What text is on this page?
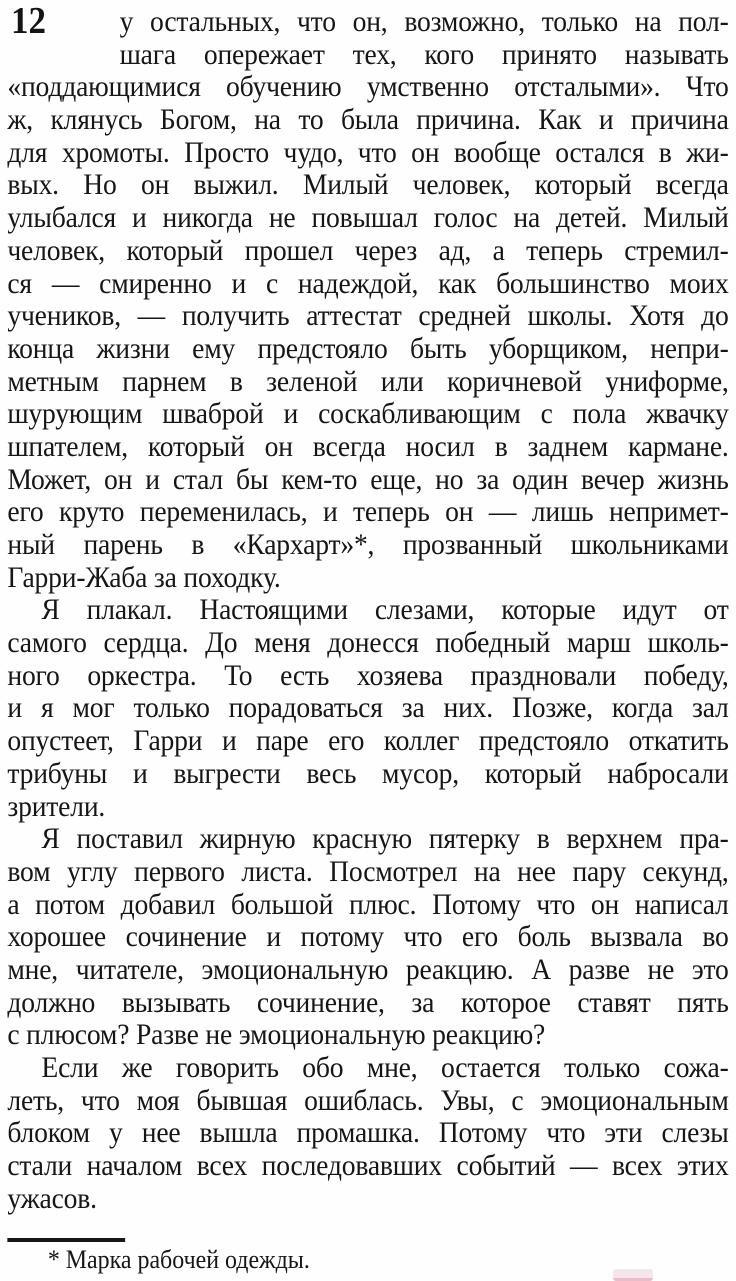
12 у остальных, что он, возможно, только на пол-
шага опережает тех, кого принято называть
«поддающимися обучению умственно отсталыми». Что
ж, клянусь Богом, на то была причина. Как и причина
для хромоты. Просто чудо, что он вообще остался в жи-
вых. Но он выжил. Милый человек, который всегда
улыбался и никогда не повышал голос на детей. Милый
человек, который прошел через ад, а теперь стремил-
ся — смиренно и с надеждой, как большинство моих
учеников, — получить аттестат средней школы. Хотя до
конца жизни ему предстояло быть уборщиком, непри-
метным парнем в зеленой или коричневой униформе,
шурующим шваброй и соскабливающим с пола жвачку
шпателем, который он всегда носил в заднем кармане.
Может, он и стал бы кем-то еще, но за один вечер жизнь
его круто переменилась, и теперь он — лишь непримет-
ный парень в «Кархарт»*, прозванный школьниками
Гарри-Жаба за походку.
Я плакал. Настоящими слезами, которые идут от
самого сердца. До меня донесся победный марш школь-
ного оркестра. То есть хозяева праздновали победу,
и я мог только порадоваться за них. Позже, когда зал
опустеет, Гарри и паре его коллег предстояло откатить
трибуны и выгрести весь мусор, который набросали
зрители.
Я поставил жирную красную пятерку в верхнем пра-
вом углу первого листа. Посмотрел на нее пару секунд,
а потом добавил большой плюс. Потому что он написал
хорошее сочинение и потому что его боль вызвала во
мне, читателе, эмоциональную реакцию. А разве не это
должно вызывать сочинение, за которое ставят пять
с плюсом? Разве не эмоциональную реакцию?
Если же говорить обо мне, остается только сожа-
леть, что моя бывшая ошиблась. Увы, с эмоциональным
блоком у нее вышла промашка. Потому что эти слезы
стали началом всех последовавших событий — всех этих
ужасов.
* Марка рабочей одежды.
